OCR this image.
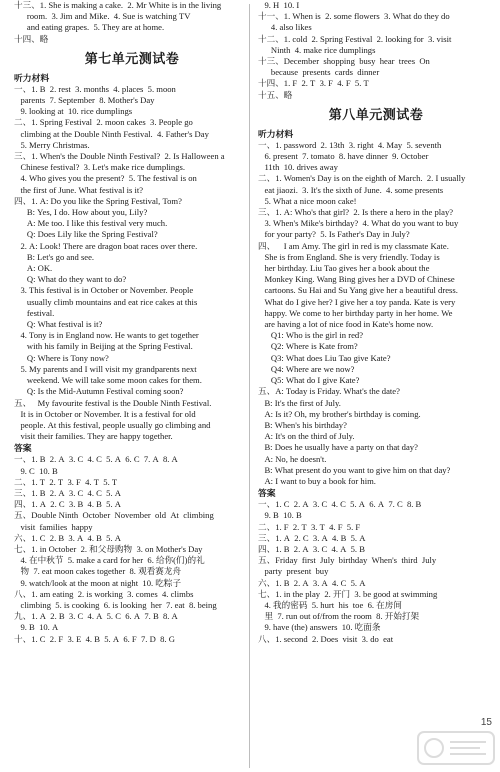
十三、1. She is making a cake.  2. Mr White is in the living
room.  3. Jim and Mike.  4. Sue is watching TV
and eating grapes.  5. They are at home.
十四、略
第七单元测试卷
听力材料
一、1. B  2. rest  3. months  4. places  5. moon
parents  7. September  8. Mother's Day
9. looking at  10. rice dumplings
二、1. Spring Festival  2. moon cakes  3. People go
climbing at the Double Ninth Festival.  4. Father's Day
5. Merry Christmas.
三、1. When's the Double Ninth Festival?  2. Is Halloween a
Chinese festival?  3. Let's make rice dumplings.
4. Who gives you the present?  5. The festival is on
the first of June. What festival is it?
四、1. A: Do you like the Spring Festival, Tom?
B: Yes, I do. How about you, Lily?
A: Me too. I like this festival very much.
Q: Does Lily like the Spring Festival?
2. A: Look! There are dragon boat races over there.
B: Let's go and see.
A: OK.
Q: What do they want to do?
3. This festival is in October or November. People
usually climb mountains and eat rice cakes at this
festival.
Q: What festival is it?
4. Tony is in England now. He wants to get together
with his family in Beijing at the Spring Festival.
Q: Where is Tony now?
5. My parents and I will visit my grandparents next
weekend. We will take some moon cakes for them.
Q: Is the Mid-Autumn Festival coming soon?
五、   My favourite festival is the Double Ninth Festival.
It is in October or November. It is a festival for old
people. At this festival, people usually go climbing and
visit their families. They are happy together.
答案
一、1. B  2. A  3. C  4. C  5. A  6. C  7. A  8. A
9. C  10. B
二、1. T  2. T  3. F  4. T  5. T
三、1. B  2. A  3. C  4. C  5. A
四、1. A  2. C  3. B  4. B  5. A
五、Double Ninth  October  November  old  At  climbing
visit  families  happy
六、1. C  2. B  3. A  4. B  5. A
七、1. in October  2. 和父母购物  3. on Mother's Day
4. 在中秋节  5. make a card for her  6. 给你(们)的礼
物  7. eat moon cakes together  8. 观看赛龙舟
9. watch/look at the moon at night  10. 吃粽子
八、1. am eating  2. is working  3. comes  4. climbs
climbing  5. is cooking  6. is looking  her  7. eat  8. being
九、1. A  2. B  3. C  4. A  5. C  6. A  7. B  8. A
9. B  10. A
十、1. C  2. F  3. E  4. B  5. A  6. F  7. D  8. G
9. H  10. I
十一、1. When is  2. some flowers  3. What do they do
4. also likes
十二、1. cold  2. Spring Festival  2. looking for  3. visit
Ninth  4. make rice dumplings
十三、December  shopping  busy  hear  trees  On
because  presents  cards  dinner
十四、1. F  2. T  3. F  4. F  5. T
十五、略
第八单元测试卷
听力材料
一、1. password  2. 13th  3. right  4. May  5. seventh
6. present  7. tomato  8. have dinner  9. October
11th  10. drives away
二、1. Women's Day is on the eighth of March.  2. I usually
eat jiaozi.  3. It's the sixth of June.  4. some presents
5. What a nice moon cake!
三、1. A: Who's that girl?  2. Is there a hero in the play?
3. When's Mike's birthday?  4. What do you want to buy
for your party?  5. Is Father's Day in July?
四、    I am Amy. The girl in red is my classmate Kate.
She is from England. She is very friendly. Today is
her birthday. Liu Tao gives her a book about the
Monkey King. Wang Bing gives her a DVD of Chinese
cartoons. Su Hai and Su Yang give her a beautiful dress.
What do I give her? I give her a toy panda. Kate is very
happy. We come to her birthday party in her home. We
are having a lot of nice food in Kate's home now.
Q1: Who is the girl in red?
Q2: Where is Kate from?
Q3: What does Liu Tao give Kate?
Q4: Where are we now?
Q5: What do I give Kate?
五、A: Today is Friday. What's the date?
B: It's the first of July.
A: Is it? Oh, my brother's birthday is coming.
B: When's his birthday?
A: It's on the third of July.
B: Does he usually have a party on that day?
A: No, he doesn't.
B: What present do you want to give him on that day?
A: I want to buy a book for him.
答案
一、1. C  2. A  3. C  4. C  5. A  6. A  7. C  8. B
9. B  10. B
二、1. F  2. T  3. T  4. F  5. F
三、1. A  2. C  3. A  4. B  5. A
四、1. B  2. A  3. C  4. A  5. B
五、Friday  first  July  birthday  When's  third  July
party  present  buy
六、1. B  2. A  3. A  4. C  5. A
七、1. in the play  2. 开门  3. be good at swimming
4. 我的密码  5. hurt  his  toe  6. 在房间
里  7. run out of/from the room  8. 开始打架
9. have (the) answers  10. 吃面条
八、1. second  2. Does  visit  3. do  eat
15
